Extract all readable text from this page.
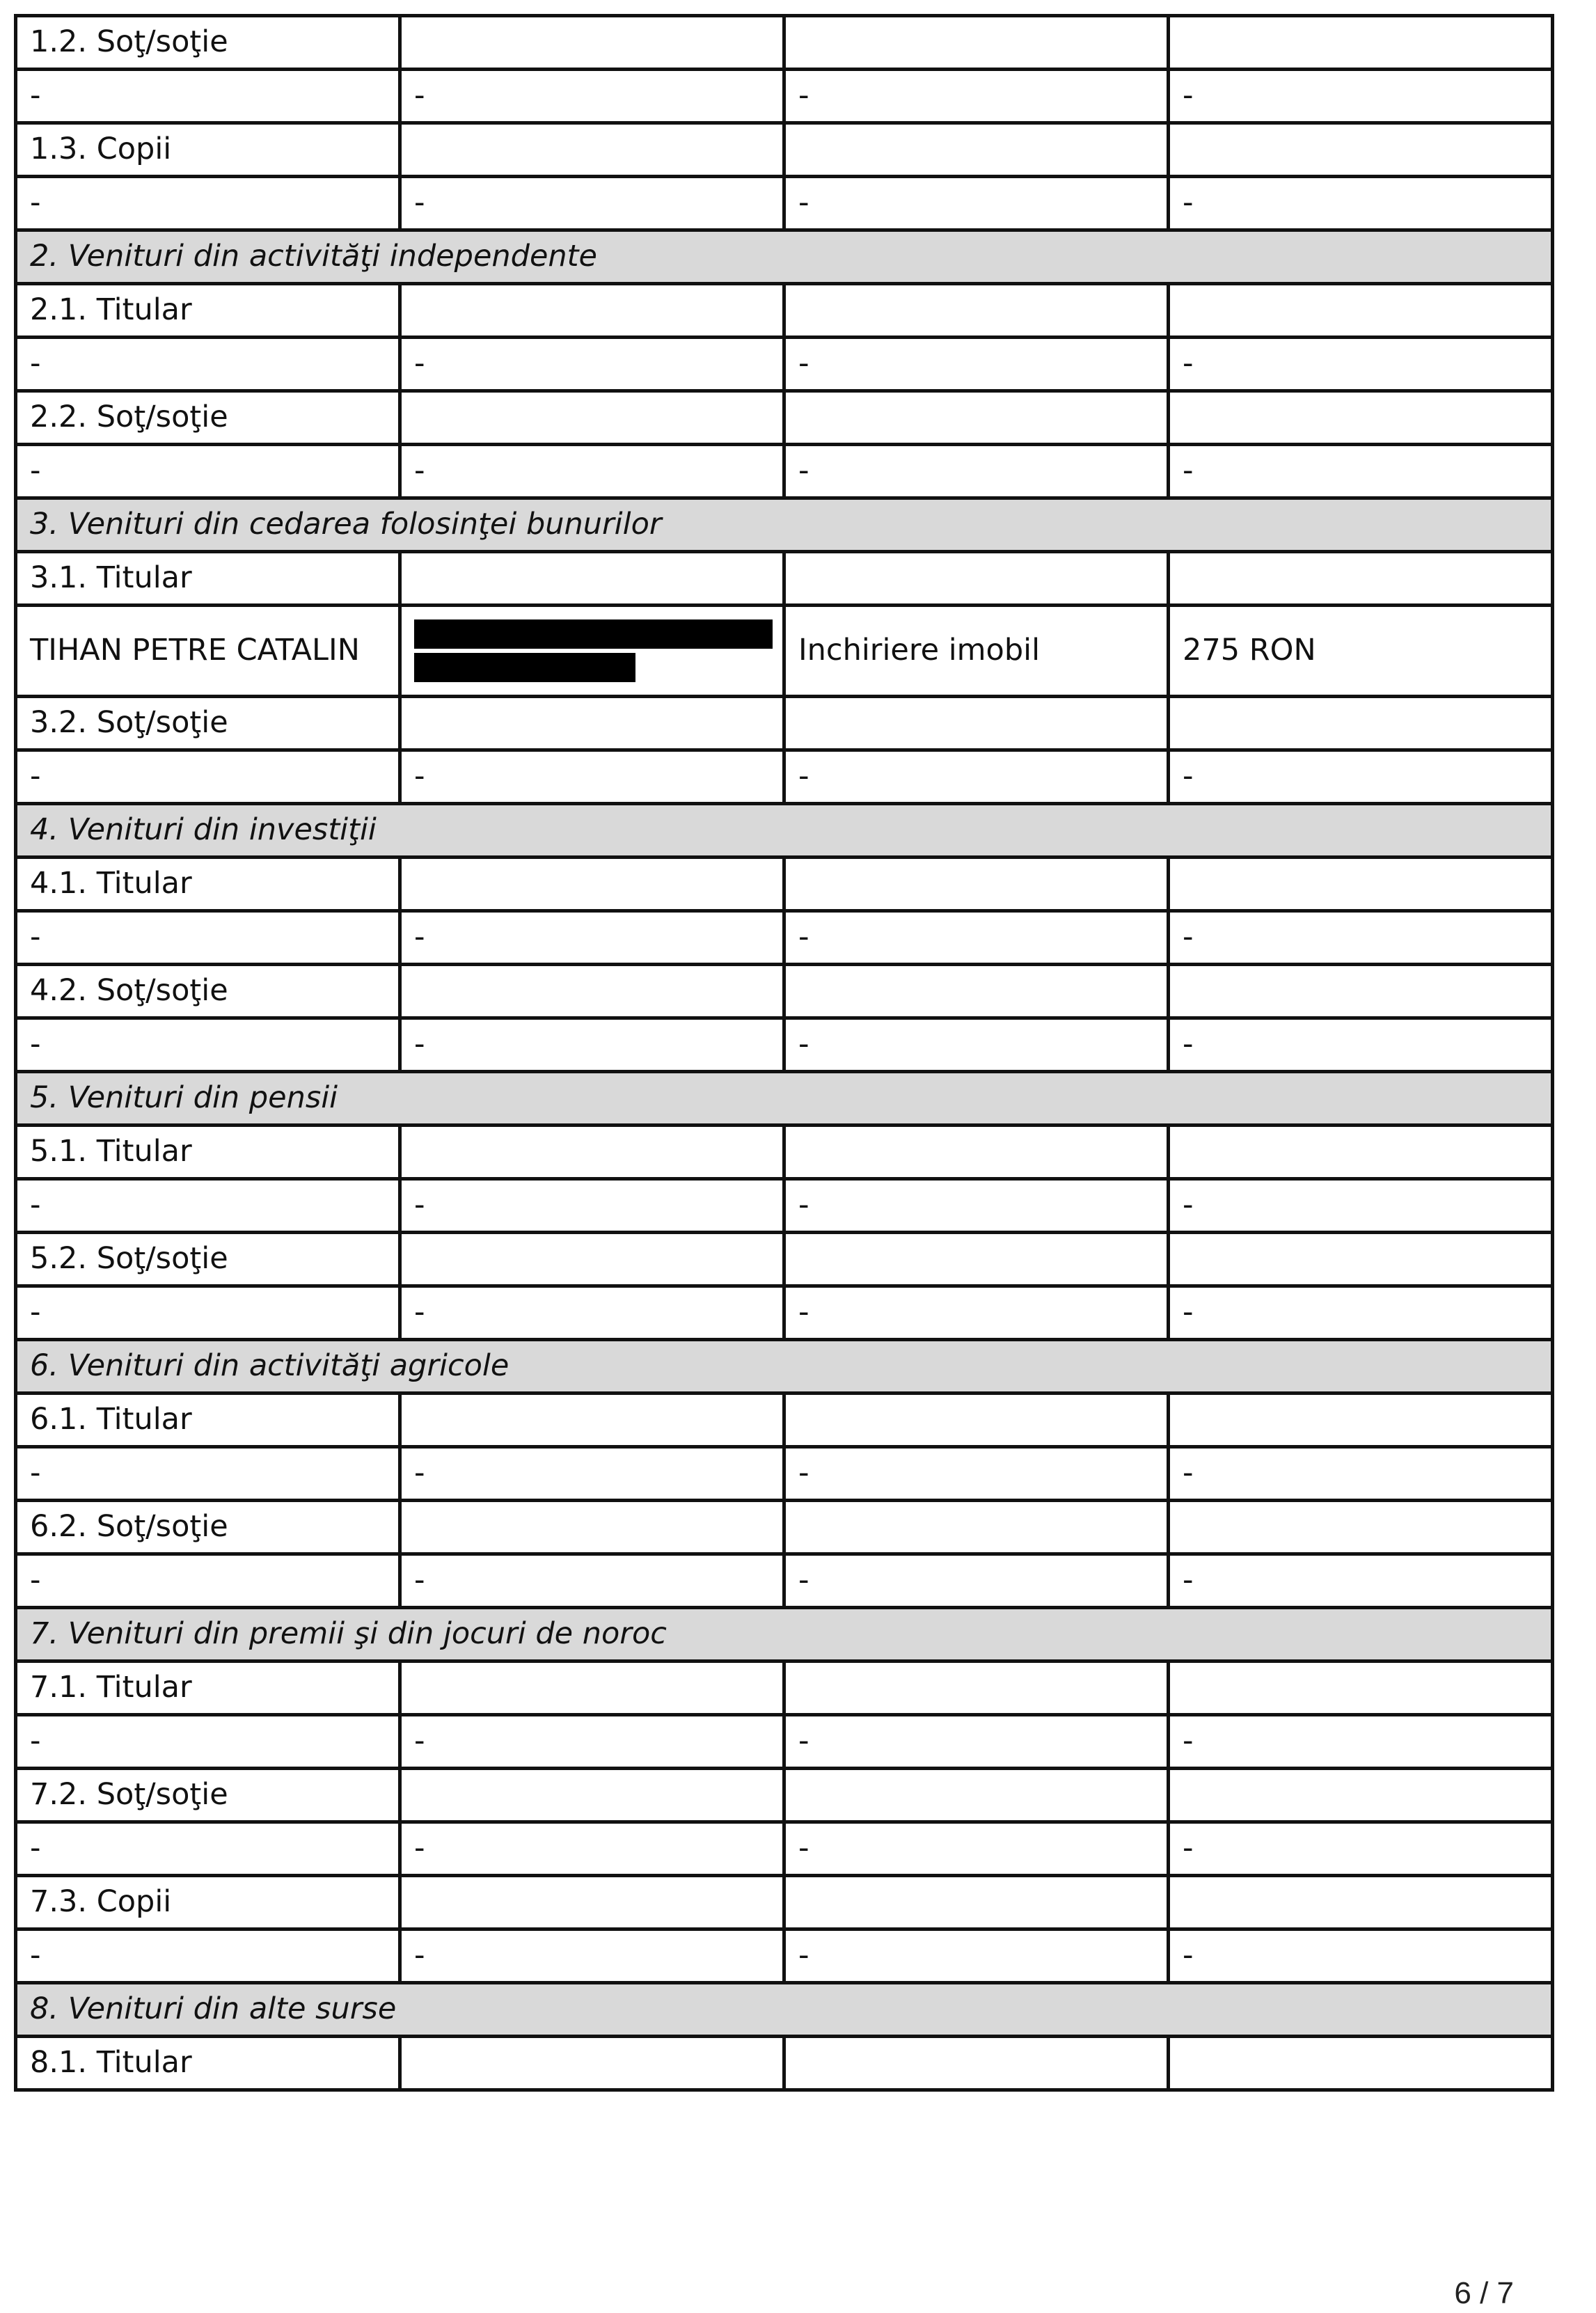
1.2. Soţ/soţie			
-	-	-	-
1.3. Copii			
-	-	-	-
2. Venituri din activităţi independente			
2.1. Titular			
-	-	-	-
2.2. Soţ/soţie			
-	-	-	-
3. Venituri din cedarea folosinţei bunurilor			
3.1. Titular			
TIHAN PETRE CATALIN		Inchiriere imobil	275 RON
3.2. Soţ/soţie			
-	-	-	-
4. Venituri din investiţii			
4.1. Titular			
-	-	-	-
4.2. Soţ/soţie			
-	-	-	-
5. Venituri din pensii			
5.1. Titular			
-	-	-	-
5.2. Soţ/soţie			
-	-	-	-
6. Venituri din activităţi agricole			
6.1. Titular			
-	-	-	-
6.2. Soţ/soţie			
-	-	-	-
7. Venituri din premii şi din jocuri de noroc			
7.1. Titular			
-	-	-	-
7.2. Soţ/soţie			
-	-	-	-
7.3. Copii			
-	-	-	-
8. Venituri din alte surse			
8.1. Titular			
6 / 7
